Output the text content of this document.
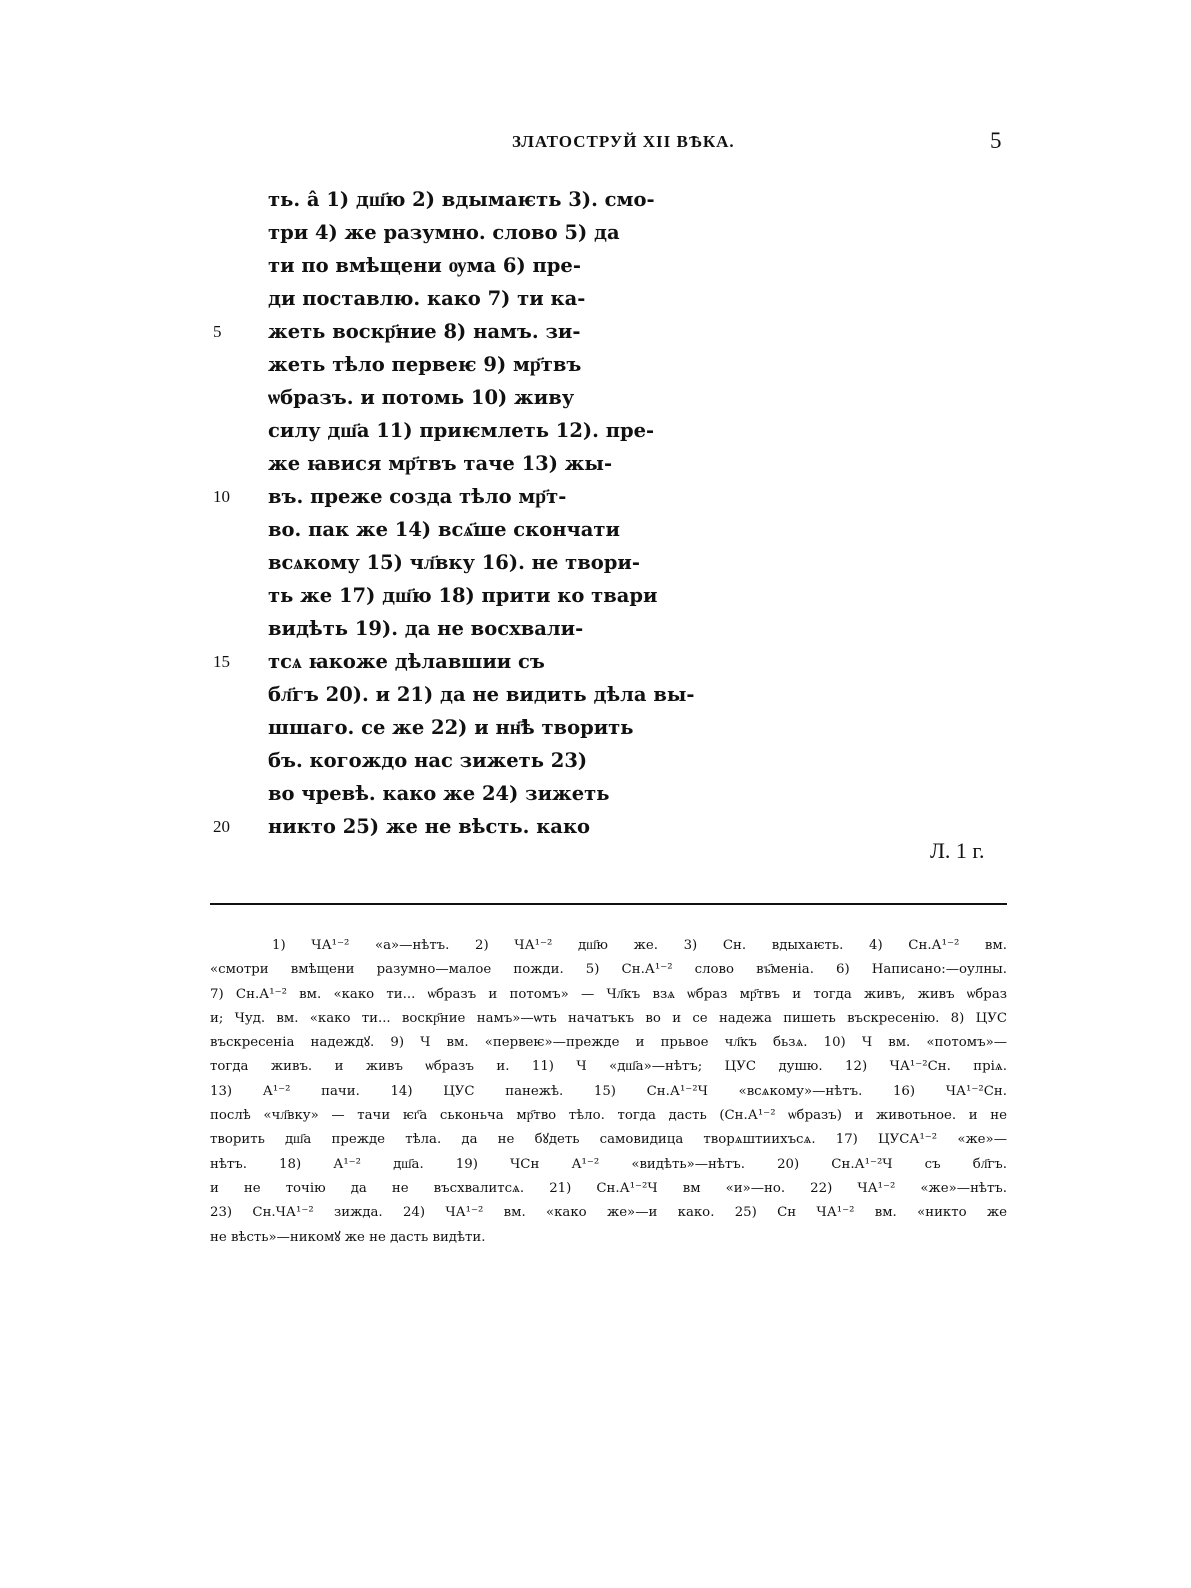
ЗЛАТОСТРУЙ XII ВѢКА.	5
ть. а̂ 1) дш҃ю 2) вдымаѥть 3). смо-
три 4) же разумно. слово 5) да
ти по вмѣщени ѹма 6) пре-
ди поставлю. како 7) ти ка-
5 жеть воскр҃ние 8) намъ. зи-
жеть тѣло первеѥ 9) мр҃твъ
ѡбразъ. и потомь 10) живу
силу дш҃а 11) приѥмлеть 12). пре-
же ꙗвися мр҃твъ таче 13) жы-
10 въ. преже созда тѣло мр҃т-
во. пак же 14) всѧ҃ше скончати
всѧкому 15) чл҃вку 16). не твори-
ть же 17) дш҃ю 18) прити ко твари
видѣть 19). да не восхвали-
15 тсѧ ꙗкоже дѣлавшии съ
бл҃гъ 20). и 21) да не видить дѣла вы-
шшаго. се же 22) и нн҃ѣ творить
бъ. когождо нас зижеть 23)
во чревѣ. како же 24) зижеть
20 никто 25) же не вѣсть. како
Л. 1 г.
1) ЧА¹⁻² «а»—нѣтъ. 2) ЧА¹⁻² дш҃ю же. 3) Сн. вдыхаѥть. 4) Сн.А¹⁻² вм.
«смотри вмѣщени разумно—малое пожди. 5) Сн.А¹⁻² слово въ҃меніа. 6) Написано:—оулны.
7) Сн.А¹⁻² вм. «како ти... ѡбразъ и потомъ» — Чл҃къ взѧ ѡбраз мр҃твъ и тогда живъ, живъ ѡбраз
и; Чуд. вм. «како ти... воскр҃ние намъ»—ѡть начатъкъ во и се надежа пишеть въскресенію. 8) ЦУС
въскресеніа надеждꙋ. 9) Ч вм. «первеѥ»—прежде и прьвое чл҃къ бьзѧ. 10) Ч вм. «потомъ»—
тогда живъ. и живъ ѡбразъ и. 11) Ч «дш҃а»—нѣтъ; ЦУС душю. 12) ЧА¹⁻²Сн. пріѧ.
13) А¹⁻² пачи. 14) ЦУС панежѣ. 15) Сн.А¹⁻²Ч «всѧкому»—нѣтъ. 16) ЧА¹⁻²Сн.
послѣ «чл҃вку» — тачи ѥг҃а ськоньча мр҃тво тѣло. тогда дасть (Сн.А¹⁻² ѡбразъ) и животьное. и не
творить дш҃а прежде тѣла. да не бꙋдеть самовидица творѧштиихъсѧ. 17) ЦУСА¹⁻² «же»—
нѣтъ. 18) А¹⁻² дш҃а. 19) ЧСн А¹⁻² «видѣть»—нѣтъ. 20) Сн.А¹⁻²Ч съ бл҃гъ.
и не точію да не въсхвалитсѧ. 21) Сн.А¹⁻²Ч вм «и»—но. 22) ЧА¹⁻² «же»—нѣтъ.
23) Сн.ЧА¹⁻² зижда. 24) ЧА¹⁻² вм. «како же»—и како. 25) Сн ЧА¹⁻² вм. «никто же
не вѣсть»—никомꙋ же не дасть видѣти.
